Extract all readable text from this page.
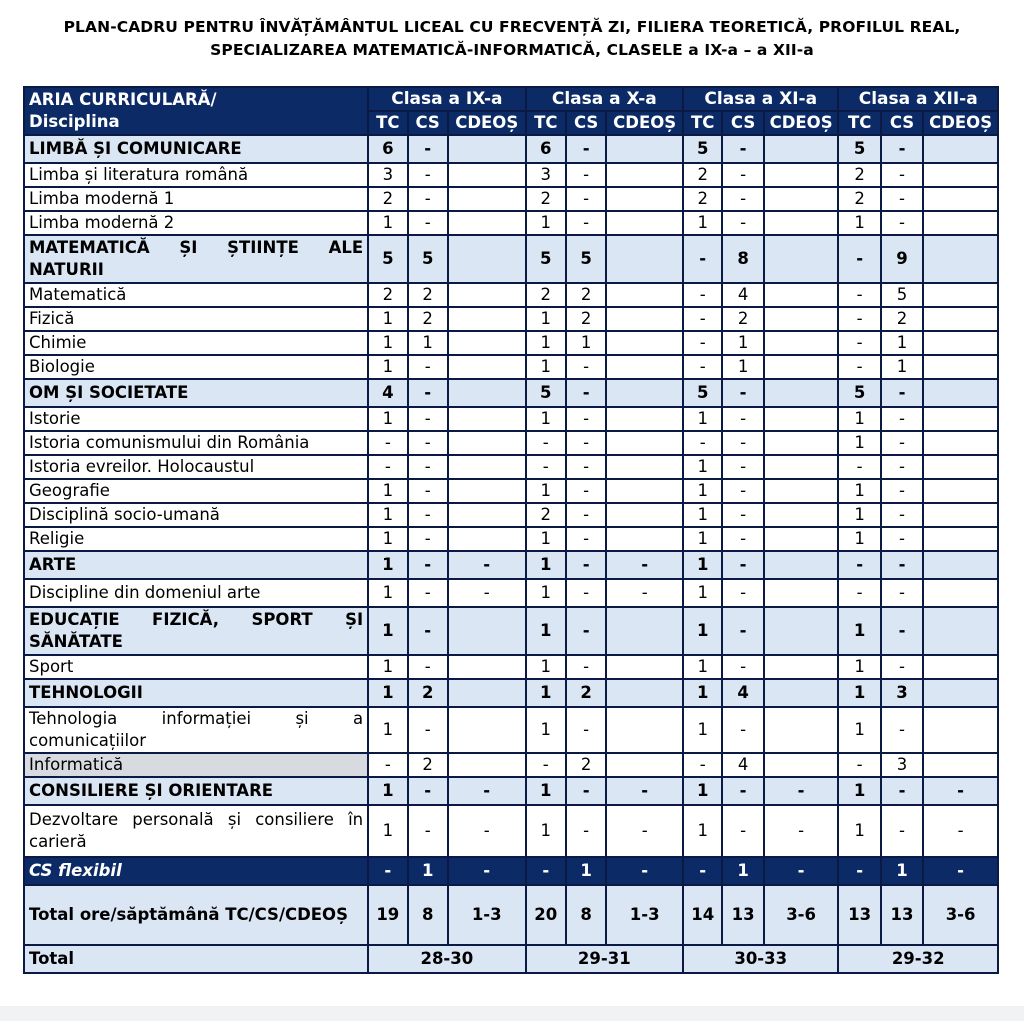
PLAN-CADRU PENTRU ÎNVĂȚĂMÂNTUL LICEAL CU FRECVENȚĂ ZI, FILIERA TEORETICĂ, PROFILUL REAL,
SPECIALIZAREA MATEMATICĂ-INFORMATICĂ, CLASELE a IX-a – a XII-a
ARIA CURRICULARĂ/
Disciplina	Clasa a IX-a			Clasa a X-a			Clasa a XI-a			Clasa a XII-a		
	TC	CS	CDEOȘ	TC	CS	CDEOȘ	TC	CS	CDEOȘ	TC	CS	CDEOȘ
LIMBĂ ȘI COMUNICARE	6	-		6	-		5	-		5	-	
Limba și literatura română	3	-		3	-		2	-		2	-	
Limba modernă 1	2	-		2	-		2	-		2	-	
Limba modernă 2	1	-		1	-		1	-		1	-	
MATEMATICĂ ȘI ȘTIINȚE ALE NATURII	5	5		5	5		-	8		-	9	
Matematică	2	2		2	2		-	4		-	5	
Fizică	1	2		1	2		-	2		-	2	
Chimie	1	1		1	1		-	1		-	1	
Biologie	1	-		1	-		-	1		-	1	
OM ȘI SOCIETATE	4	-		5	-		5	-		5	-	
Istorie	1	-		1	-		1	-		1	-	
Istoria comunismului din România	-	-		-	-		-	-		1	-	
Istoria evreilor. Holocaustul	-	-		-	-		1	-		-	-	
Geografie	1	-		1	-		1	-		1	-	
Disciplină socio-umană	1	-		2	-		1	-		1	-	
Religie	1	-		1	-		1	-		1	-	
ARTE	1	-	-	1	-	-	1	-		-	-	
Discipline din domeniul arte	1	-	-	1	-	-	1	-		-	-	
EDUCAȚIE FIZICĂ, SPORT ȘI SĂNĂTATE	1	-		1	-		1	-		1	-	
Sport	1	-		1	-		1	-		1	-	
TEHNOLOGII	1	2		1	2		1	4		1	3	
Tehnologia informației și a comunicațiilor	1	-		1	-		1	-		1	-	
Informatică	-	2		-	2		-	4		-	3	
CONSILIERE ȘI ORIENTARE	1	-	-	1	-	-	1	-	-	1	-	-
Dezvoltare personală și consiliere în carieră	1	-	-	1	-	-	1	-	-	1	-	-
CS flexibil	-	1	-	-	1	-	-	1	-	-	1	-
Total ore/săptămână TC/CS/CDEOȘ	19	8	1-3	20	8	1-3	14	13	3-6	13	13	3-6
Total	28-30			29-31			30-33			29-32		
